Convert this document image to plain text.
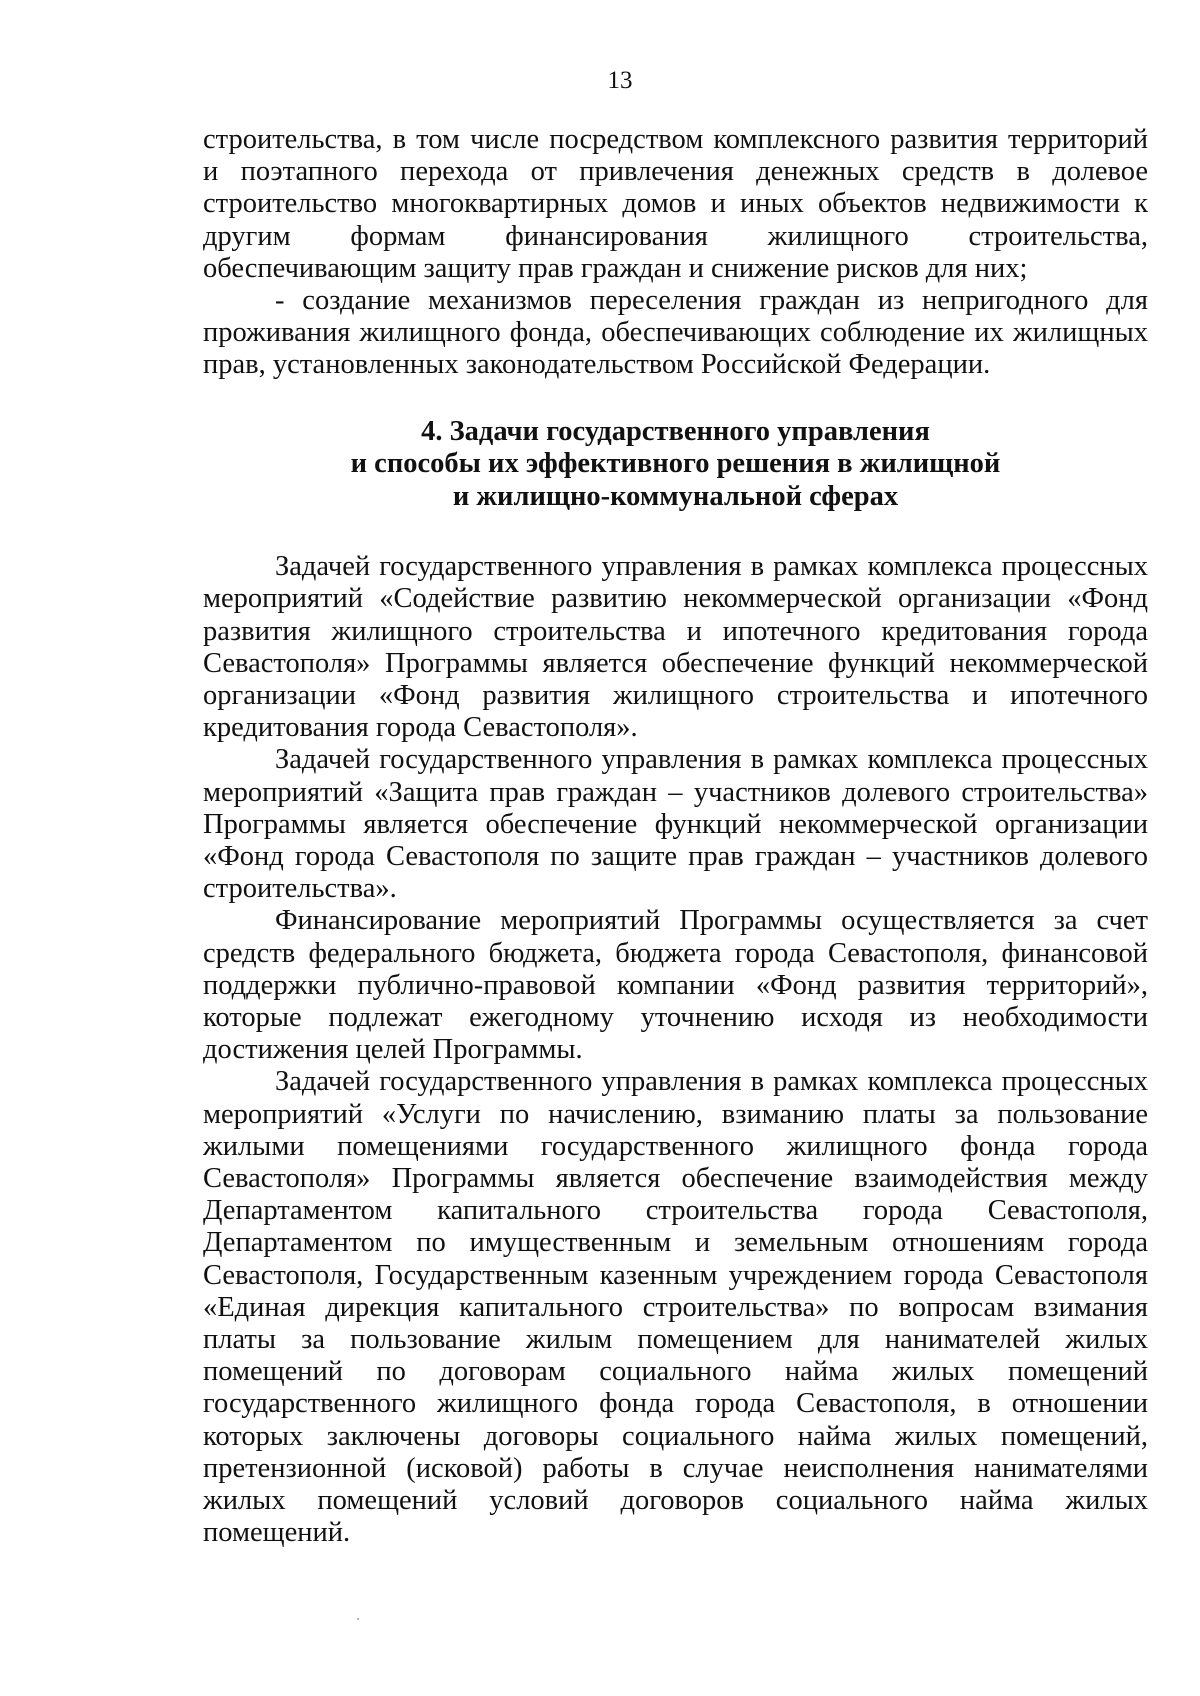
13

строительства, в том числе посредством комплексного развития территорий и поэтапного перехода от привлечения денежных средств в долевое строительство многоквартирных домов и иных объектов недвижимости к другим формам финансирования жилищного строительства, обеспечивающим защиту прав граждан и снижение рисков для них;

- создание механизмов переселения граждан из непригодного для проживания жилищного фонда, обеспечивающих соблюдение их жилищных прав, установленных законодательством Российской Федерации.

4. Задачи государственного управления
и способы их эффективного решения в жилищной
и жилищно-коммунальной сферах

Задачей государственного управления в рамках комплекса процессных мероприятий «Содействие развитию некоммерческой организации «Фонд развития жилищного строительства и ипотечного кредитования города Севастополя» Программы является обеспечение функций некоммерческой организации «Фонд развития жилищного строительства и ипотечного кредитования города Севастополя».

Задачей государственного управления в рамках комплекса процессных мероприятий «Защита прав граждан – участников долевого строительства» Программы является обеспечение функций некоммерческой организации «Фонд города Севастополя по защите прав граждан – участников долевого строительства».

Финансирование мероприятий Программы осуществляется за счет средств федерального бюджета, бюджета города Севастополя, финансовой поддержки публично-правовой компании «Фонд развития территорий», которые подлежат ежегодному уточнению исходя из необходимости достижения целей Программы.

Задачей государственного управления в рамках комплекса процессных мероприятий «Услуги по начислению, взиманию платы за пользование жилыми помещениями государственного жилищного фонда города Севастополя» Программы является обеспечение взаимодействия между Департаментом капитального строительства города Севастополя, Департаментом по имущественным и земельным отношениям города Севастополя, Государственным казенным учреждением города Севастополя «Единая дирекция капитального строительства» по вопросам взимания платы за пользование жилым помещением для нанимателей жилых помещений по договорам социального найма жилых помещений государственного жилищного фонда города Севастополя, в отношении которых заключены договоры социального найма жилых помещений, претензионной (исковой) работы в случае неисполнения нанимателями жилых помещений условий договоров социального найма жилых помещений.
